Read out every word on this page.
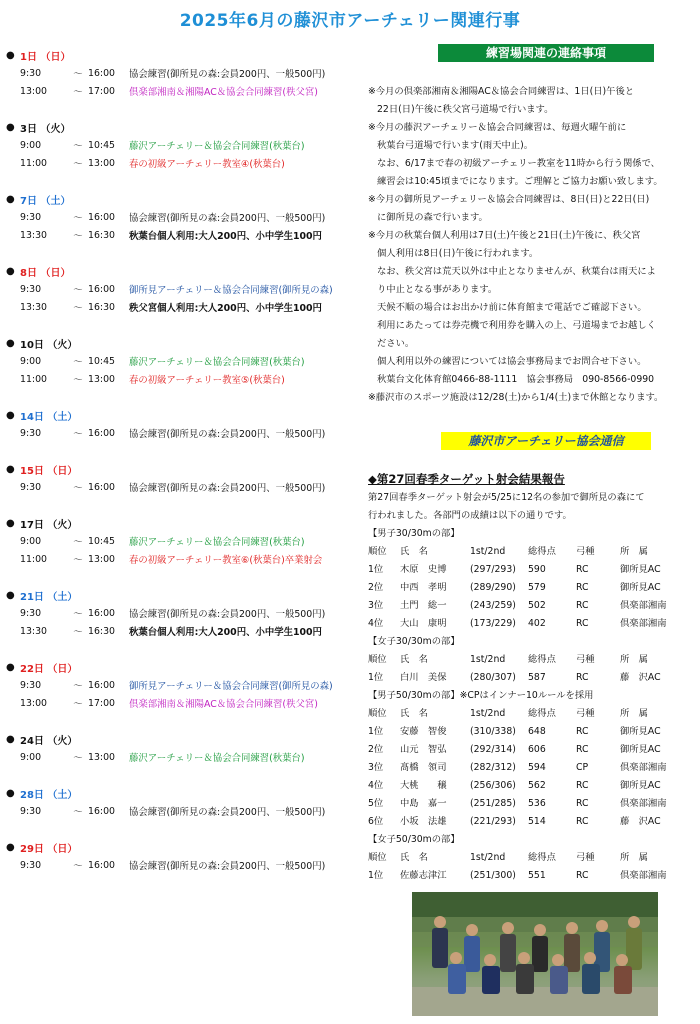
2025年6月の藤沢市アーチェリー関連行事
● 1日 （日）
9:30	～ 16:00	協会練習(御所見の森:会員200円、一般500円)
13:00	～ 17:00	倶楽部湘南＆湘陽AC＆協会合同練習(秩父宮)
● 3日 （火）
9:00	～ 10:45	藤沢アーチェリー＆協会合同練習(秋葉台)
11:00	～ 13:00	春の初級アーチェリー教室④(秋葉台)
● 7日 （土）
9:30	～ 16:00	協会練習(御所見の森:会員200円、一般500円)
13:30	～ 16:30	秋葉台個人利用:大人200円、小中学生100円
● 8日 （日）
9:30	～ 16:00	御所見アーチェリー＆協会合同練習(御所見の森)
13:30	～ 16:30	秩父宮個人利用:大人200円、小中学生100円
● 10日 （火）
9:00	～ 10:45	藤沢アーチェリー＆協会合同練習(秋葉台)
11:00	～ 13:00	春の初級アーチェリー教室⑤(秋葉台)
● 14日 （土）
9:30	～ 16:00	協会練習(御所見の森:会員200円、一般500円)
● 15日 （日）
9:30	～ 16:00	協会練習(御所見の森:会員200円、一般500円)
● 17日 （火）
9:00	～ 10:45	藤沢アーチェリー＆協会合同練習(秋葉台)
11:00	～ 13:00	春の初級アーチェリー教室⑥(秋葉台)卒業射会
● 21日 （土）
9:30	～ 16:00	協会練習(御所見の森:会員200円、一般500円)
13:30	～ 16:30	秋葉台個人利用:大人200円、小中学生100円
● 22日 （日）
9:30	～ 16:00	御所見アーチェリー＆協会合同練習(御所見の森)
13:00	～ 17:00	倶楽部湘南＆湘陽AC＆協会合同練習(秩父宮)
● 24日 （火）
9:00	～ 13:00	藤沢アーチェリー＆協会合同練習(秋葉台)
● 28日 （土）
9:30	～ 16:00	協会練習(御所見の森:会員200円、一般500円)
● 29日 （日）
9:30	～ 16:00	協会練習(御所見の森:会員200円、一般500円)
練習場関連の連絡事項
※今月の倶楽部湘南＆湘陽AC＆協会合同練習は、1日(日)午後と
22日(日)午後に秩父宮弓道場で行います。
※今月の藤沢アーチェリー＆協会合同練習は、毎週火曜午前に
秋葉台弓道場で行います(雨天中止)。
なお、6/17まで春の初級アーチェリー教室を11時から行う関係で、
練習会は10:45頃までになります。ご理解とご協力お願い致します。
※今月の御所見アーチェリー＆協会合同練習は、8日(日)と22日(日)
に御所見の森で行います。
※今月の秋葉台個人利用は7日(土)午後と21日(土)午後に、秩父宮
個人利用は8日(日)午後に行われます。
なお、秩父宮は荒天以外は中止となりませんが、秋葉台は雨天によ
り中止となる事があります。
天候不順の場合はお出かけ前に体育館まで電話でご確認下さい。
利用にあたっては券売機で利用券を購入の上、弓道場までお越しく
ださい。
個人利用以外の練習については協会事務局までお問合せ下さい。
秋葉台文化体育館0466-88-1111　協会事務局　090-8566-0990
※藤沢市のスポーツ施設は12/28(土)から1/4(土)まで休館となります。
藤沢市アーチェリー協会通信
◆第27回春季ターゲット射会結果報告
第27回春季ターゲット射会が5/25に12名の参加で御所見の森にて
行われました。各部門の成績は以下の通りです。
【男子30/30mの部】
順位 氏　名	1st/2nd 総得点 弓種	所　属
1位 木原　史博	(297/293) 590	RC	御所見AC
2位 中西　孝明	(289/290) 579	RC	御所見AC
3位 土門　総一	(243/259) 502	RC	倶楽部湘南
4位 大山　康明	(173/229) 402	RC	倶楽部湘南
【女子30/30mの部】
順位 氏　名	1st/2nd 総得点 弓種	所　属
1位 白川　美保	(280/307) 587	RC	藤　沢AC
【男子50/30mの部】※CPはインナー10ルールを採用
順位 氏　名	1st/2nd 総得点 弓種	所　属
1位 安藤　智俊	(310/338) 648	RC	御所見AC
2位 山元　智弘	(292/314) 606	RC	御所見AC
3位 髙橋　領司	(282/312) 594	CP	倶楽部湘南
4位 大桃　　穣	(256/306) 562	RC	御所見AC
5位 中島　嘉一	(251/285) 536	RC	倶楽部湘南
6位 小坂　法雄	(221/293) 514	RC	藤　沢AC
【女子50/30mの部】
順位 氏　名	1st/2nd 総得点 弓種	所　属
1位 佐藤志津江	(251/300) 551	RC	倶楽部湘南
